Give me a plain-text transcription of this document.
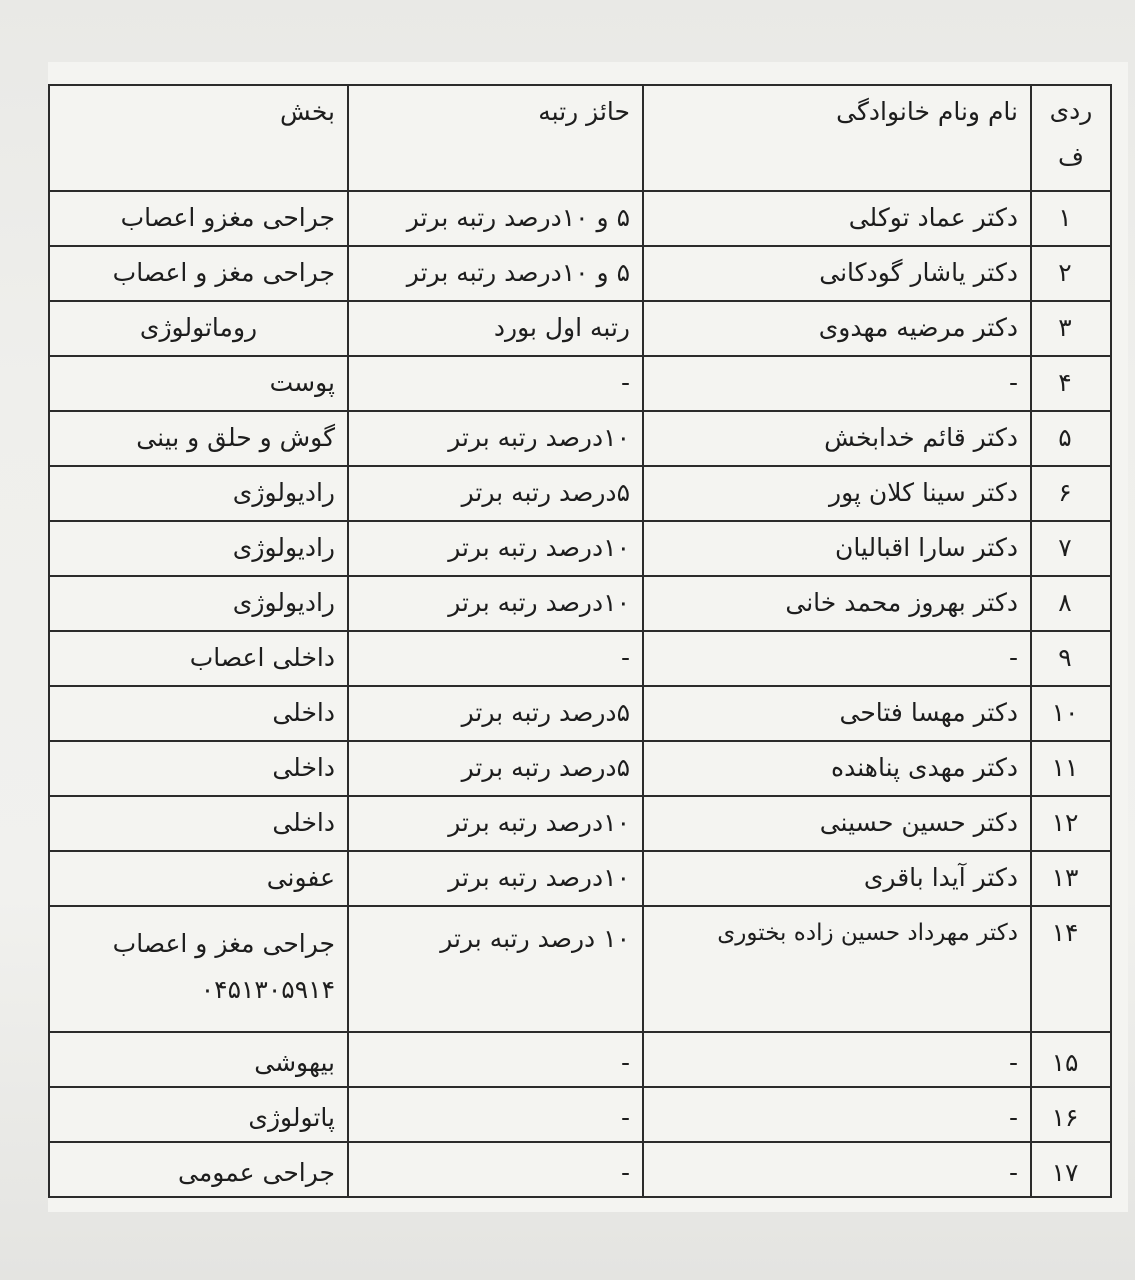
ردی
ف	نام ونام خانوادگی	حائز رتبه	بخش
۱	دکتر عماد توکلی	۵ و ۱۰درصد رتبه برتر	جراحی مغزو اعصاب
۲	دکتر یاشار گودکانی	۵ و ۱۰درصد رتبه برتر	جراحی مغز و اعصاب
۳	دکتر مرضیه مهدوی	رتبه اول بورد	روماتولوژی
۴	-	-	پوست
۵	دکتر قائم خدابخش	۱۰درصد رتبه برتر	گوش و حلق و بینی
۶	دکتر سینا کلان پور	۵درصد رتبه برتر	رادیولوژی
۷	دکتر سارا اقبالیان	۱۰درصد رتبه برتر	رادیولوژی
۸	دکتر بهروز محمد خانی	۱۰درصد رتبه برتر	رادیولوژی
۹	-	-	داخلی اعصاب
۱۰	دکتر مهسا فتاحی	۵درصد رتبه برتر	داخلی
۱۱	دکتر مهدی پناهنده	۵درصد رتبه برتر	داخلی
۱۲	دکتر حسین حسینی	۱۰درصد رتبه برتر	داخلی
۱۳	دکتر آیدا باقری	۱۰درصد رتبه برتر	عفونی
۱۴	دکتر مهرداد حسین زاده بختوری	۱۰ درصد رتبه برتر	جراحی مغز و اعصاب
۰۴۵۱۳۰۵۹۱۴

۱۵	-	-	بیهوشی
۱۶	-	-	پاتولوژی
۱۷	-	-	جراحی عمومی
